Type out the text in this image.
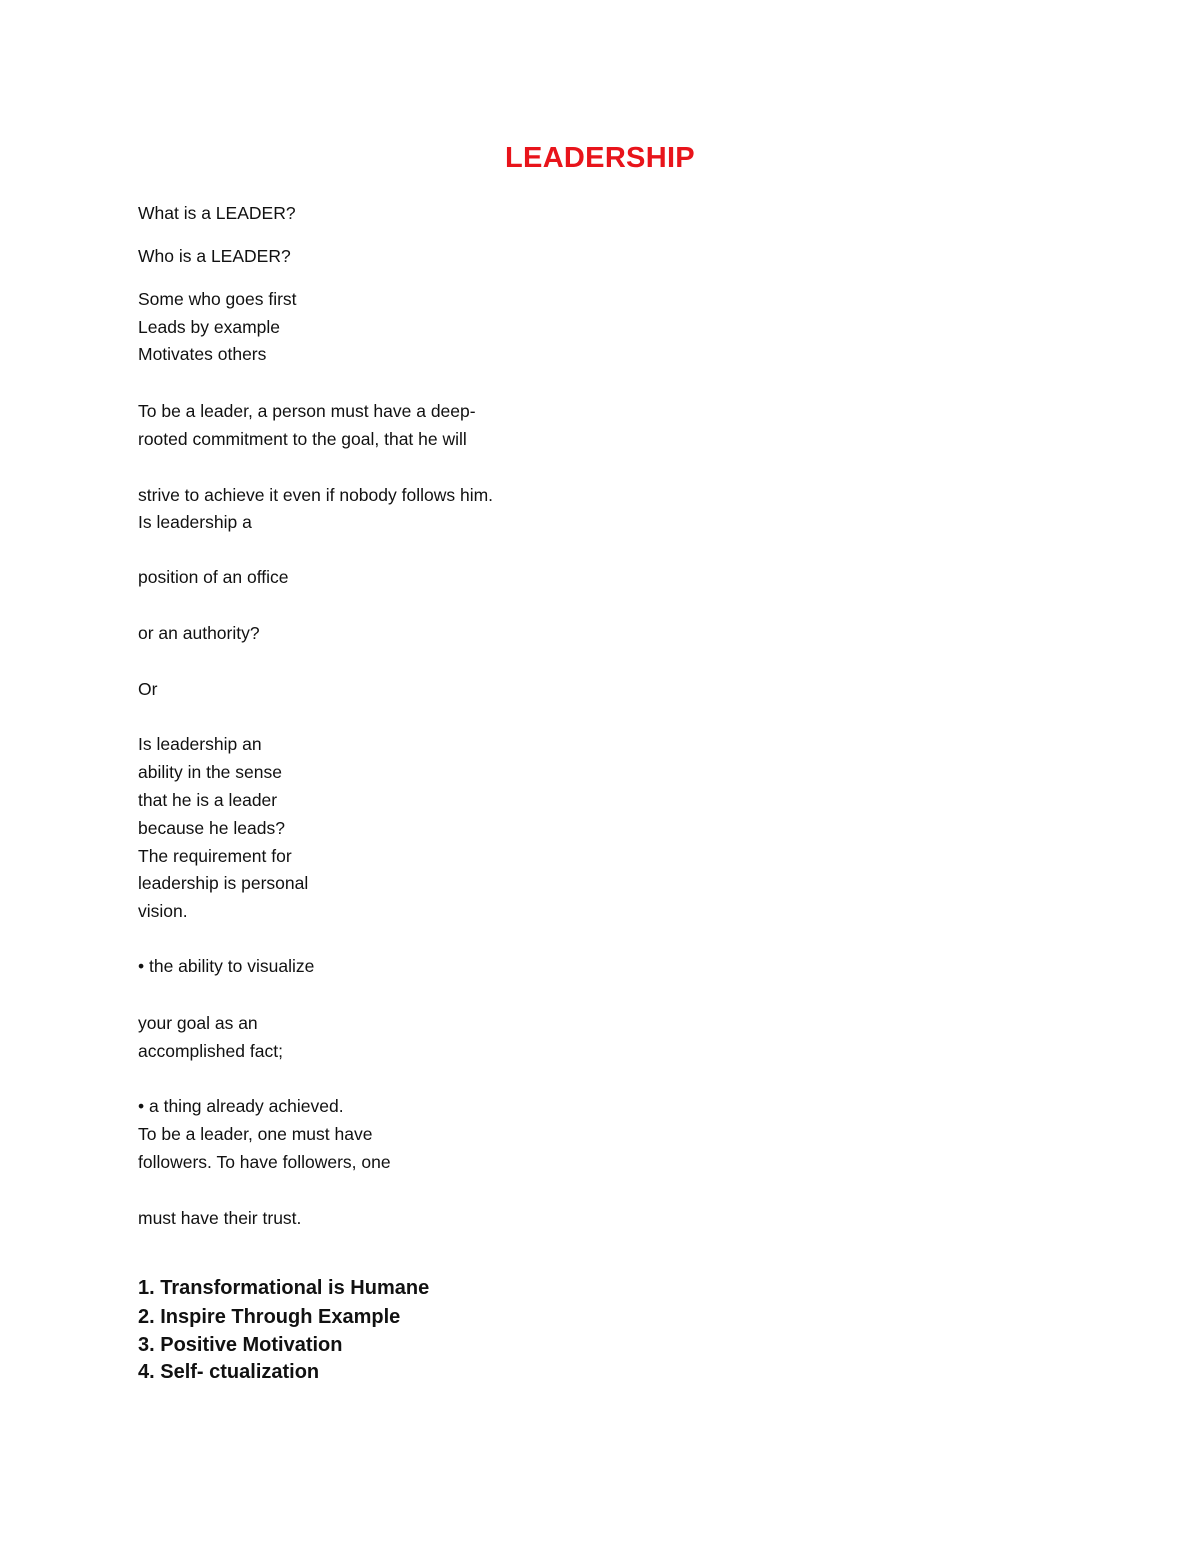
LEADERSHIP
What is a LEADER?
Who is a LEADER?
Some who goes first
Leads by example
Motivates others
To be a leader, a person must have a deep-
rooted commitment to the goal, that he will
strive to achieve it even if nobody follows him.
Is leadership a
position of an office
or an authority?
Or
Is leadership an
ability in the sense
that he is a leader
because he leads?
The requirement for
leadership is personal
vision.
• the ability to visualize
your goal as an
accomplished fact;
• a thing already achieved.
To be a leader, one must have
followers. To have followers, one
must have their trust.
1. Transformational is Humane
2. Inspire Through Example
3. Positive Motivation
4. Self- ctualization
